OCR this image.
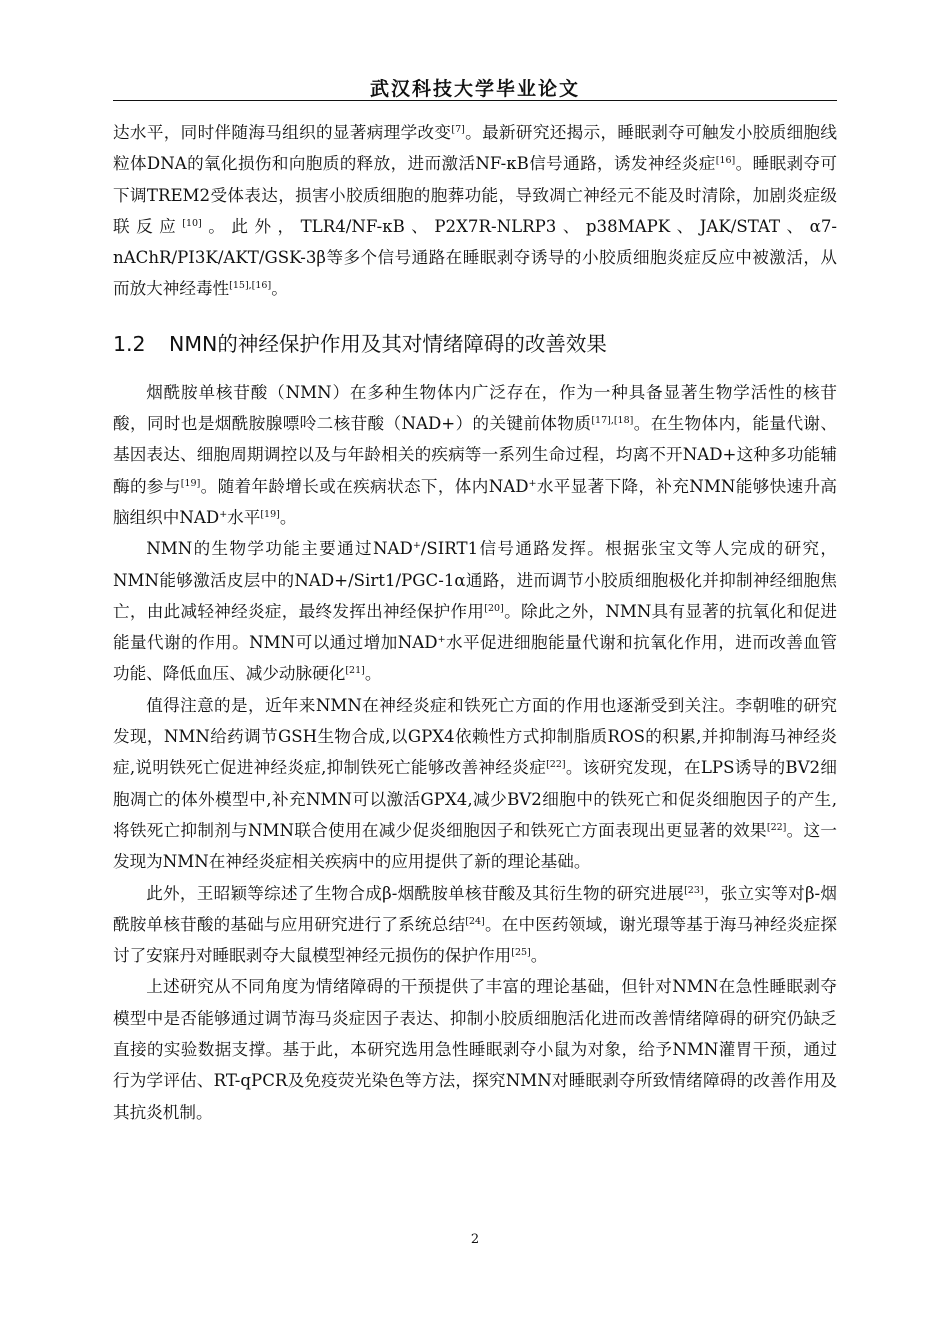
武汉科技大学毕业论文

达水平，同时伴随海马组织的显著病理学改变[7]。最新研究还揭示，睡眠剥夺可触发小胶质细胞线粒体DNA的氧化损伤和向胞质的释放，进而激活NF-κB信号通路，诱发神经炎症[16]。睡眠剥夺可下调TREM2受体表达，损害小胶质细胞的胞葬功能，导致凋亡神经元不能及时清除，加剧炎症级联反应[10]。此外，TLR4/NF-κB、P2X7R-NLRP3、p38MAPK、JAK/STAT、α7-nAChR/PI3K/AKT/GSK-3β等多个信号通路在睡眠剥夺诱导的小胶质细胞炎症反应中被激活，从而放大神经毒性[15],[16]。

1.2 NMN的神经保护作用及其对情绪障碍的改善效果

烟酰胺单核苷酸（NMN）在多种生物体内广泛存在，作为一种具备显著生物学活性的核苷酸，同时也是烟酰胺腺嘌呤二核苷酸（NAD+）的关键前体物质[17],[18]。在生物体内，能量代谢、基因表达、细胞周期调控以及与年龄相关的疾病等一系列生命过程，均离不开NAD+这种多功能辅酶的参与[19]。随着年龄增长或在疾病状态下，体内NAD+水平显著下降，补充NMN能够快速升高脑组织中NAD+水平[19]。

NMN的生物学功能主要通过NAD+/SIRT1信号通路发挥。根据张宝文等人完成的研究，NMN能够激活皮层中的NAD+/Sirt1/PGC-1α通路，进而调节小胶质细胞极化并抑制神经细胞焦亡，由此减轻神经炎症，最终发挥出神经保护作用[20]。除此之外，NMN具有显著的抗氧化和促进能量代谢的作用。NMN可以通过增加NAD+水平促进细胞能量代谢和抗氧化作用，进而改善血管功能、降低血压、减少动脉硬化[21]。

值得注意的是，近年来NMN在神经炎症和铁死亡方面的作用也逐渐受到关注。李朝唯的研究发现，NMN给药调节GSH生物合成,以GPX4依赖性方式抑制脂质ROS的积累,并抑制海马神经炎症,说明铁死亡促进神经炎症,抑制铁死亡能够改善神经炎症[22]。该研究发现，在LPS诱导的BV2细胞凋亡的体外模型中,补充NMN可以激活GPX4,减少BV2细胞中的铁死亡和促炎细胞因子的产生,将铁死亡抑制剂与NMN联合使用在减少促炎细胞因子和铁死亡方面表现出更显著的效果[22]。这一发现为NMN在神经炎症相关疾病中的应用提供了新的理论基础。

此外，王昭颖等综述了生物合成β-烟酰胺单核苷酸及其衍生物的研究进展[23]，张立实等对β-烟酰胺单核苷酸的基础与应用研究进行了系统总结[24]。在中医药领域，谢光璟等基于海马神经炎症探讨了安寐丹对睡眠剥夺大鼠模型神经元损伤的保护作用[25]。

上述研究从不同角度为情绪障碍的干预提供了丰富的理论基础，但针对NMN在急性睡眠剥夺模型中是否能够通过调节海马炎症因子表达、抑制小胶质细胞活化进而改善情绪障碍的研究仍缺乏直接的实验数据支撑。基于此，本研究选用急性睡眠剥夺小鼠为对象，给予NMN灌胃干预，通过行为学评估、RT-qPCR及免疫荧光染色等方法，探究NMN对睡眠剥夺所致情绪障碍的改善作用及其抗炎机制。

2
